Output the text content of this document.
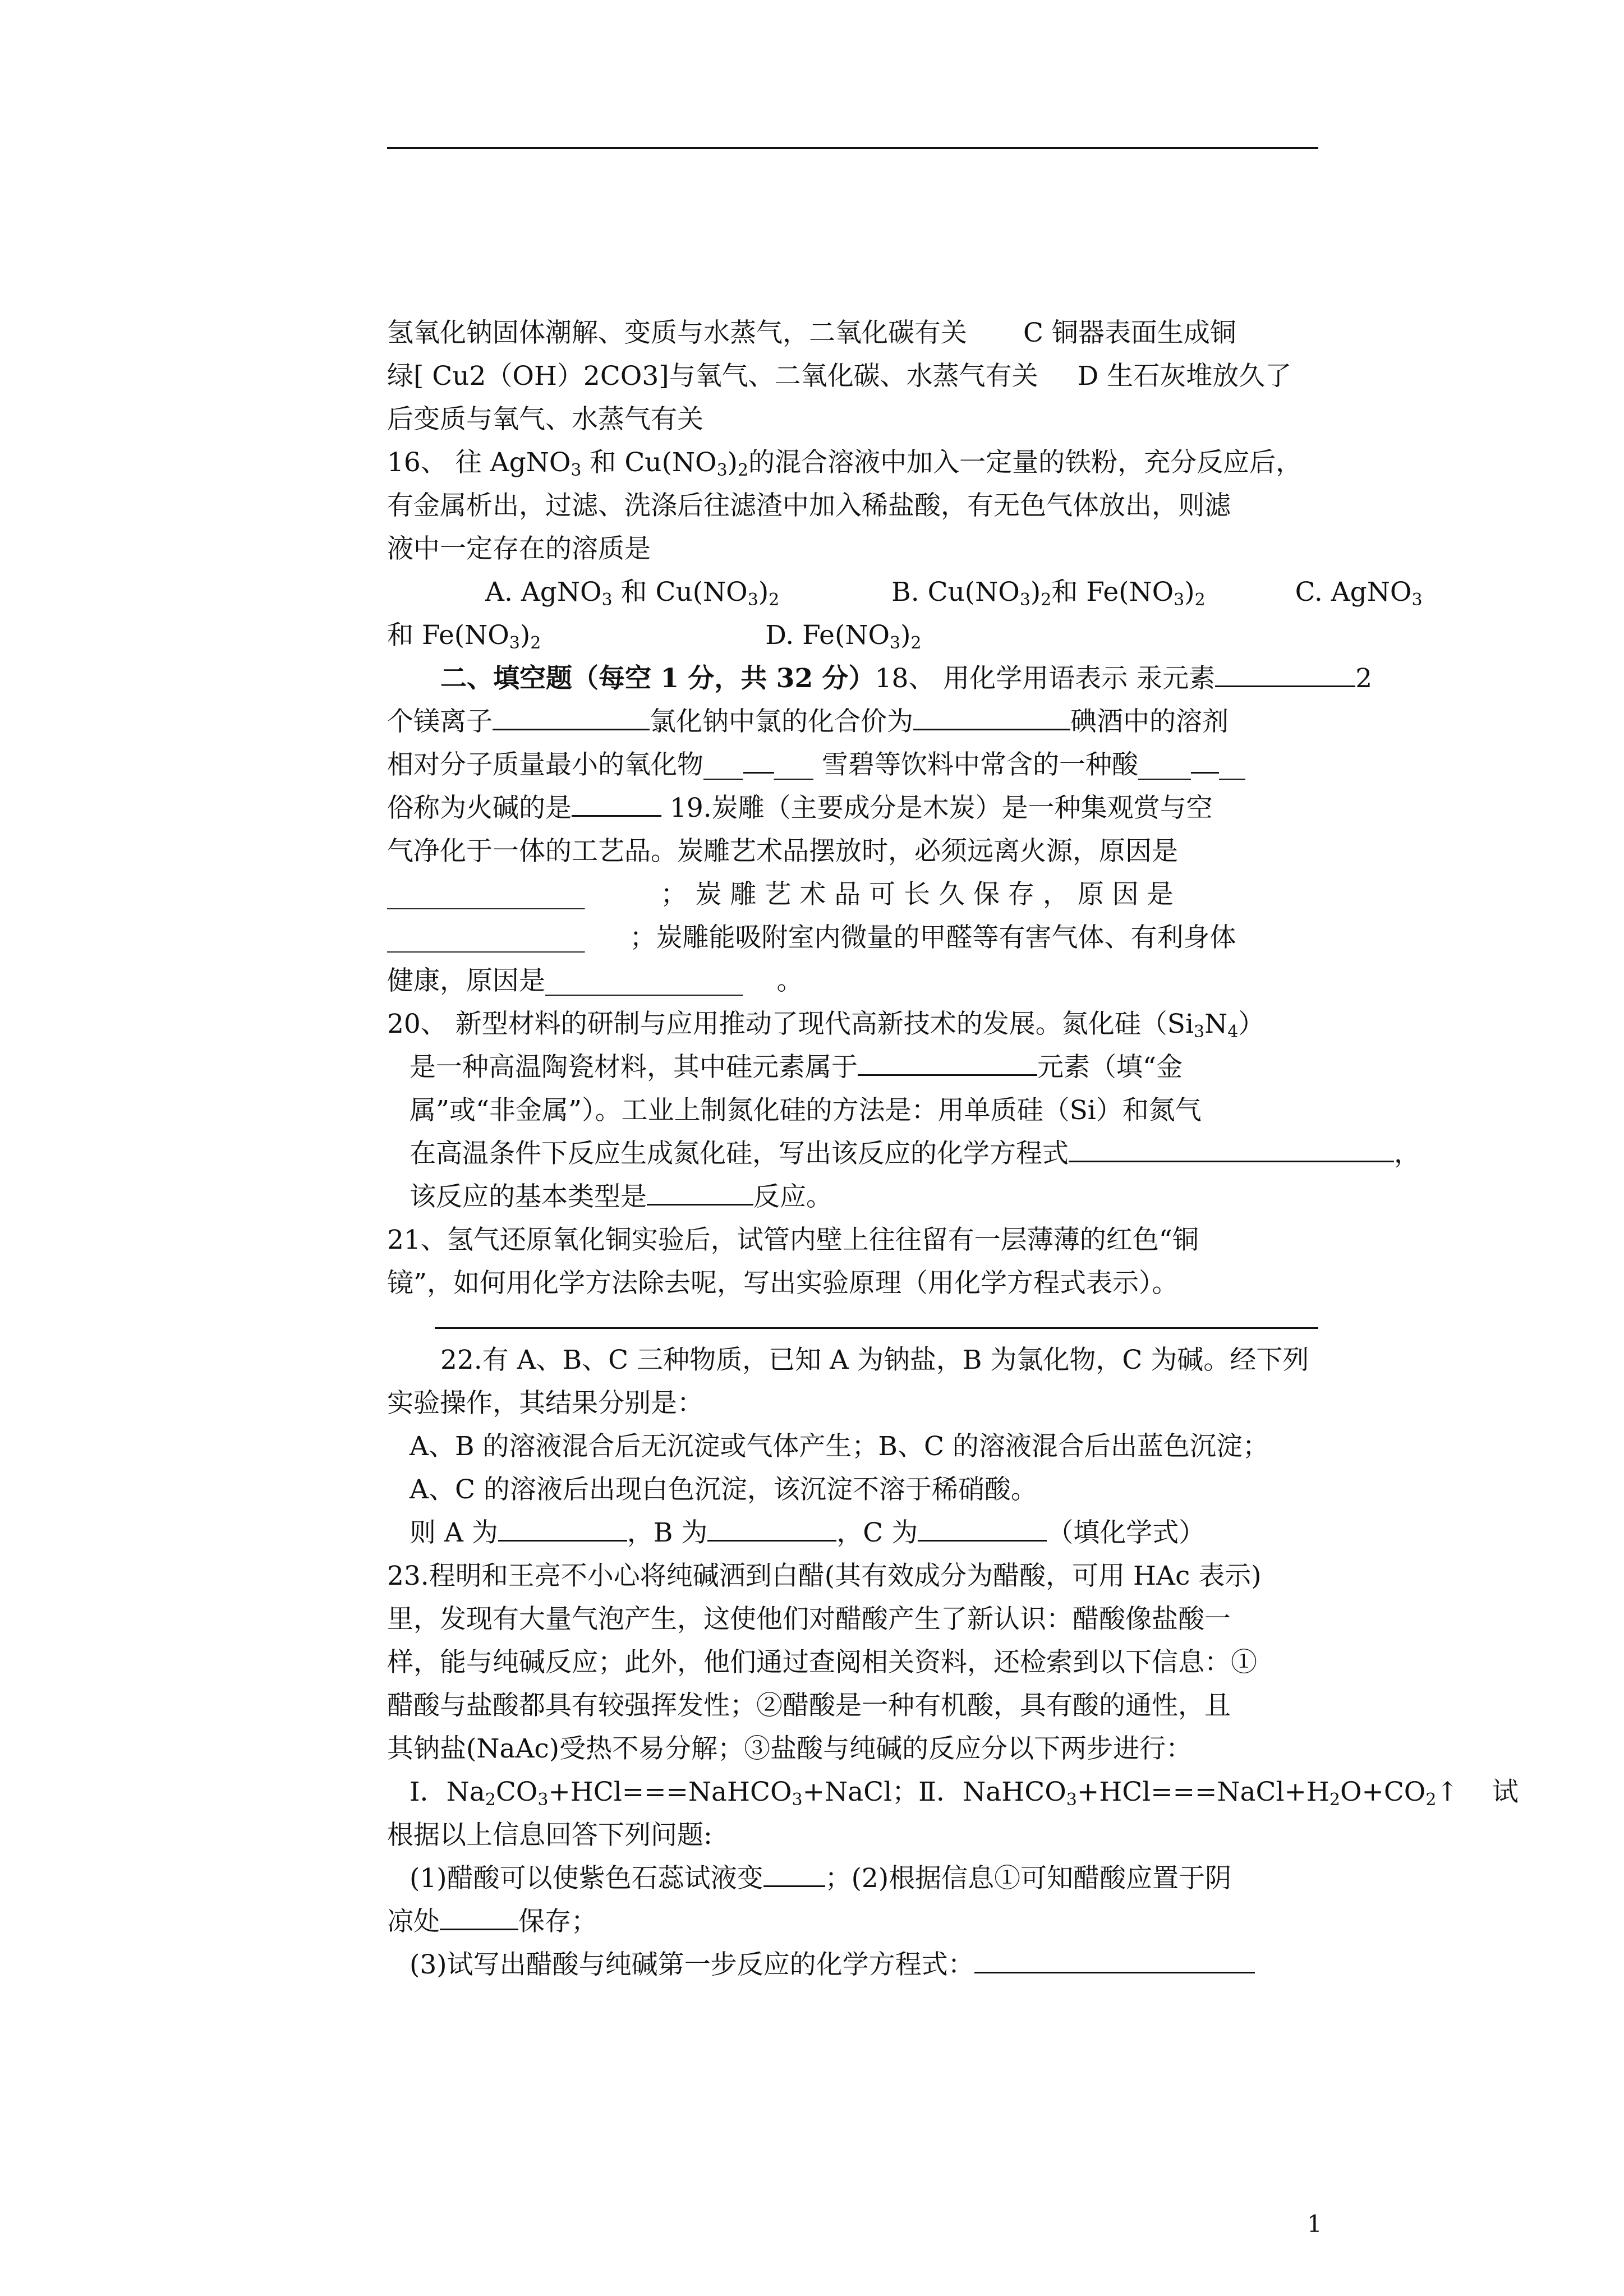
氢氧化钠固体潮解、变质与水蒸气，二氧化碳有关 C 铜器表面生成铜
绿[ Cu2（OH）2CO3]与氧气、二氧化碳、水蒸气有关 D 生石灰堆放久了
后变质与氧气、水蒸气有关
16、 往 AgNO$_3$ 和 $Cu(NO_3)_2$的混合溶液中加入一定量的铁粉，充分反应后，
有金属析出，过滤、洗涤后往滤渣中加入稀盐酸，有无色气体放出，则滤
液中一定存在的溶质是
A. AgNO$_3$ 和 $Cu(NO_3)_2$	B. $Cu(NO_3)_2$和 $Fe(NO_3)_2$	C. AgNO$_3$
和 $Fe(NO_3)_2$	D. $Fe(NO_3)_2$
二、填空题（每空 1 分，共 32 分）18、 用化学用语表示 汞元素	2
个镁离子	氯化钠中氯的化合价为	碘酒中的溶剂
相对分子质量最小的氧化物___ ___ 雪碧等饮料中常含的一种酸____ __
俗称为火碱的是	19.炭雕（主要成分是木炭）是一种集观赏与空
气净化于一体的工艺品。炭雕艺术品摆放时，必须远离火源，原因是
_______________	； 炭 雕 艺 术 品 可 长 久 保 存 ， 原 因 是
_______________ ；炭雕能吸附室内微量的甲醛等有害气体、有利身体
健康，原因是_______________ 。
20、 新型材料的研制与应用推动了现代高新技术的发展。氮化硅$(Si_3N_4)$
是一种高温陶瓷材料，其中硅元素属于	元素（填“金
属”或“非金属”）。工业上制氮化硅的方法是：用单质硅（Si）和氮气
在高温条件下反应生成氮化硅，写出该反应的化学方程式	，
该反应的基本类型是	反应。
21、氢气还原氧化铜实验后，试管内壁上往往留有一层薄薄的红色“铜
镜”，如何用化学方法除去呢，写出实验原理（用化学方程式表示）。
22.有 A、B、C 三种物质，已知 A 为钠盐，B 为氯化物，C 为碱。经下列
实验操作，其结果分别是：
A、B 的溶液混合后无沉淀或气体产生；B、C 的溶液混合后出蓝色沉淀；
A、C 的溶液后出现白色沉淀，该沉淀不溶于稀硝酸。
则 A 为	，B 为	，C 为	（填化学式）
23.程明和王亮不小心将纯碱洒到白醋(其有效成分为醋酸，可用 HAc 表示)
里，发现有大量气泡产生，这使他们对醋酸产生了新认识：醋酸像盐酸一
样，能与纯碱反应；此外，他们通过查阅相关资料，还检索到以下信息：①
醋酸与盐酸都具有较强挥发性；②醋酸是一种有机酸，具有酸的通性，且
其钠盐(NaAc)受热不易分解；③盐酸与纯碱的反应分以下两步进行：
Ⅰ．$Na_2CO_3+HCl===NaHCO_3+NaCl$；Ⅱ．$NaHCO_3+HCl===NaCl+H_2O+CO_2↑$ 试
根据以上信息回答下列问题:
(1)醋酸可以使紫色石蕊试液变 ；(2)根据信息①可知醋酸应置于阴
凉处	保存；
(3)试写出醋酸与纯碱第一步反应的化学方程式：
1
